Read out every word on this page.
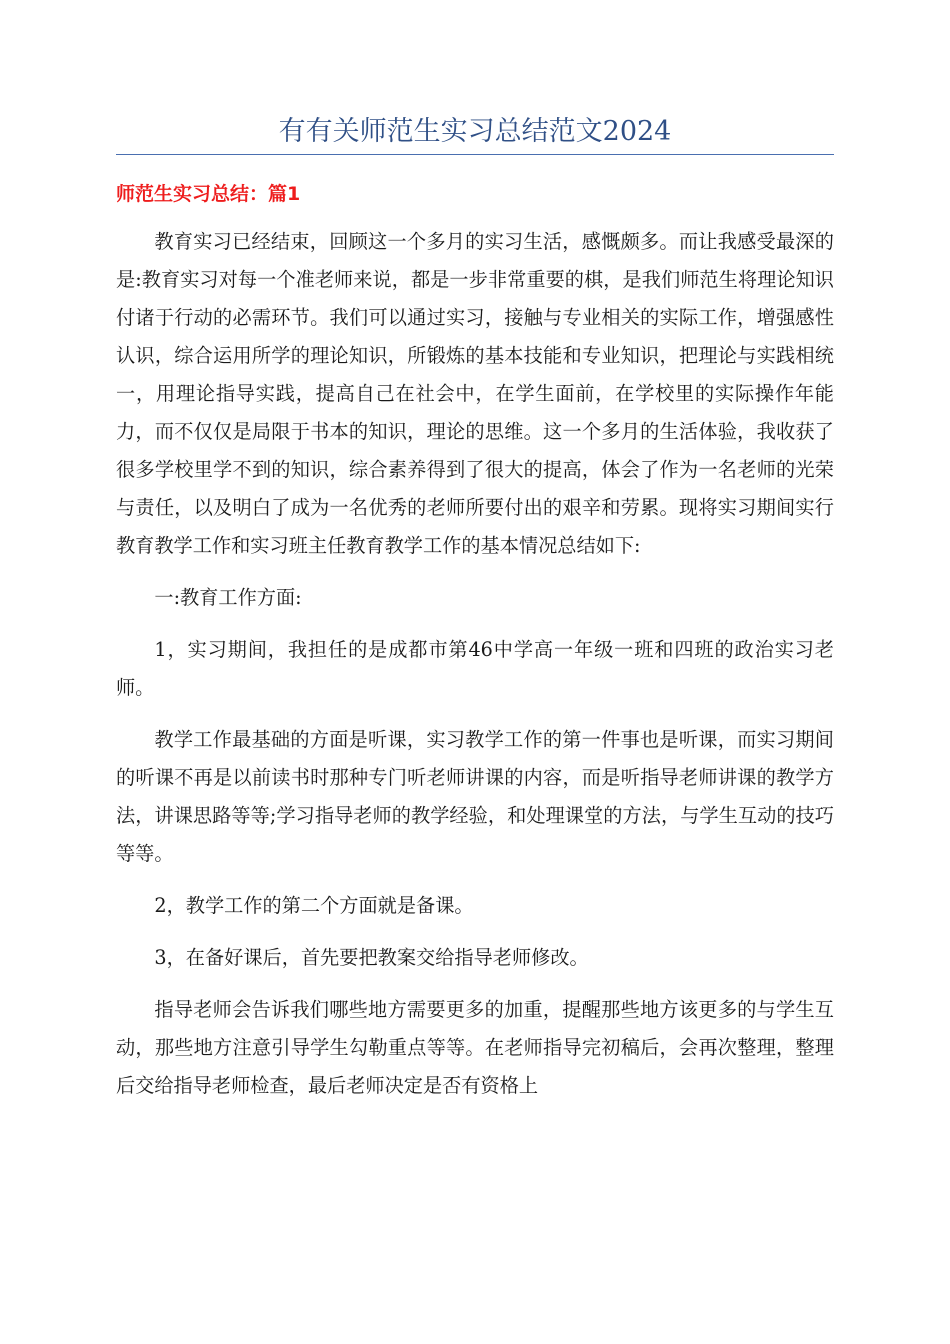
有有关师范生实习总结范文2024
师范生实习总结：篇1

教育实习已经结束，回顾这一个多月的实习生活，感慨颇多。而让我感受最深的是:教育实习对每一个准老师来说，都是一步非常重要的棋，是我们师范生将理论知识付诸于行动的必需环节。我们可以通过实习，接触与专业相关的实际工作，增强感性认识，综合运用所学的理论知识，所锻炼的基本技能和专业知识，把理论与实践相统一，用理论指导实践，提高自己在社会中，在学生面前，在学校里的实际操作年能力，而不仅仅是局限于书本的知识，理论的思维。这一个多月的生活体验，我收获了很多学校里学不到的知识，综合素养得到了很大的提高，体会了作为一名老师的光荣与责任，以及明白了成为一名优秀的老师所要付出的艰辛和劳累。现将实习期间实行教育教学工作和实习班主任教育教学工作的基本情况总结如下:

一:教育工作方面:

1，实习期间，我担任的是成都市第46中学高一年级一班和四班的政治实习老师。

教学工作最基础的方面是听课，实习教学工作的第一件事也是听课，而实习期间的听课不再是以前读书时那种专门听老师讲课的内容，而是听指导老师讲课的教学方法，讲课思路等等;学习指导老师的教学经验，和处理课堂的方法，与学生互动的技巧等等。

2，教学工作的第二个方面就是备课。

3，在备好课后，首先要把教案交给指导老师修改。

指导老师会告诉我们哪些地方需要更多的加重，提醒那些地方该更多的与学生互动，那些地方注意引导学生勾勒重点等等。在老师指导完初稿后，会再次整理，整理后交给指导老师检查，最后老师决定是否有资格上
